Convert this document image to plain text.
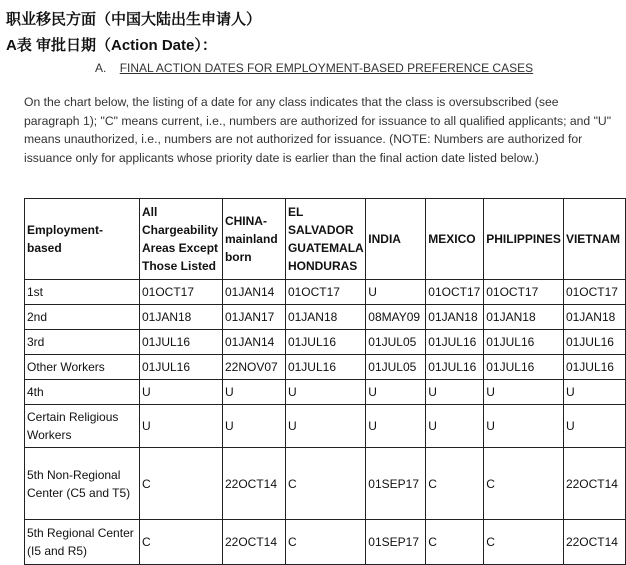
职业移民方面（中国大陆出生申请人）
A表 审批日期（Action Date）：
A. FINAL ACTION DATES FOR EMPLOYMENT-BASED PREFERENCE CASES
On the chart below, the listing of a date for any class indicates that the class is oversubscribed (see paragraph 1); "C" means current, i.e., numbers are authorized for issuance to all qualified applicants; and "U" means unauthorized, i.e., numbers are not authorized for issuance. (NOTE: Numbers are authorized for issuance only for applicants whose priority date is earlier than the final action date listed below.)
Employment-based	All Chargeability Areas Except Those Listed	CHINA-mainland born	EL SALVADOR GUATEMALA HONDURAS	INDIA	MEXICO	PHILIPPINES	VIETNAM
1st	01OCT17	01JAN14	01OCT17	U	01OCT17	01OCT17	01OCT17
2nd	01JAN18	01JAN17	01JAN18	08MAY09	01JAN18	01JAN18	01JAN18
3rd	01JUL16	01JAN14	01JUL16	01JUL05	01JUL16	01JUL16	01JUL16
Other Workers	01JUL16	22NOV07	01JUL16	01JUL05	01JUL16	01JUL16	01JUL16
4th	U	U	U	U	U	U	U
Certain Religious Workers	U	U	U	U	U	U	U
5th Non-Regional Center (C5 and T5)	C	22OCT14	C	01SEP17	C	C	22OCT14
5th Regional Center (I5 and R5)	C	22OCT14	C	01SEP17	C	C	22OCT14
